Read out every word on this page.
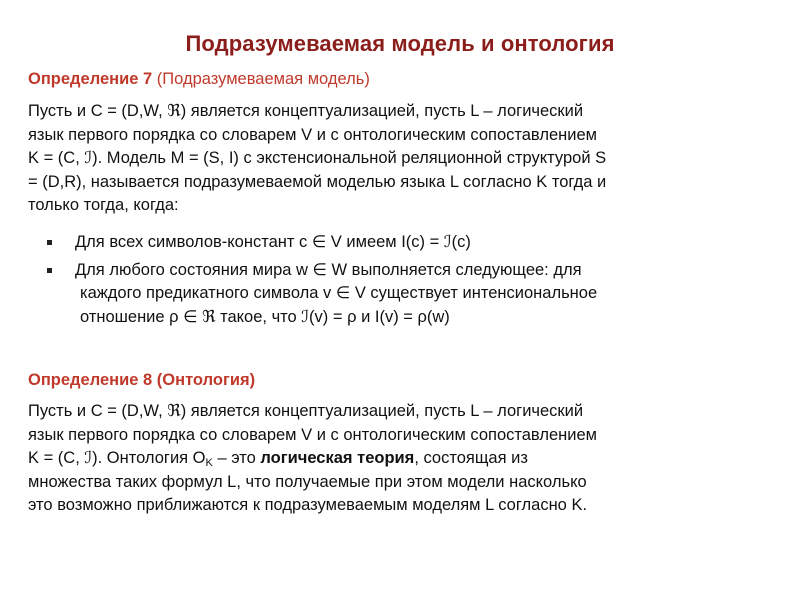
Подразумеваемая модель и онтология
Определение 7 (Подразумеваемая модель)
Пусть и C = (D,W, ℜ) является концептуализацией, пусть L – логический
язык первого порядка со словарем V и с онтологическим сопоставлением
K = (C, ℐ). Модель M = (S, I) с экстенсиональной реляционной структурой S
= (D,R), называется подразумеваемой моделью языка L согласно K тогда и
только тогда, когда:
Для всех символов-констант c ∈ V имеем I(c) = ℐ(c)
Для любого состояния мира w ∈ W выполняется следующее: для
каждого предикатного символа v ∈ V существует интенсиональное
отношение ρ ∈ ℜ такое, что ℐ(v) = ρ и I(v) = ρ(w)
Определение 8 (Онтология)
Пусть и C = (D,W, ℜ) является концептуализацией, пусть L – логический
язык первого порядка со словарем V и с онтологическим сопоставлением
K = (C, ℐ). Онтология $O_K$ – это логическая теория, состоящая из
множества таких формул L, что получаемые при этом модели насколько
это возможно приближаются к подразумеваемым моделям L согласно K.
